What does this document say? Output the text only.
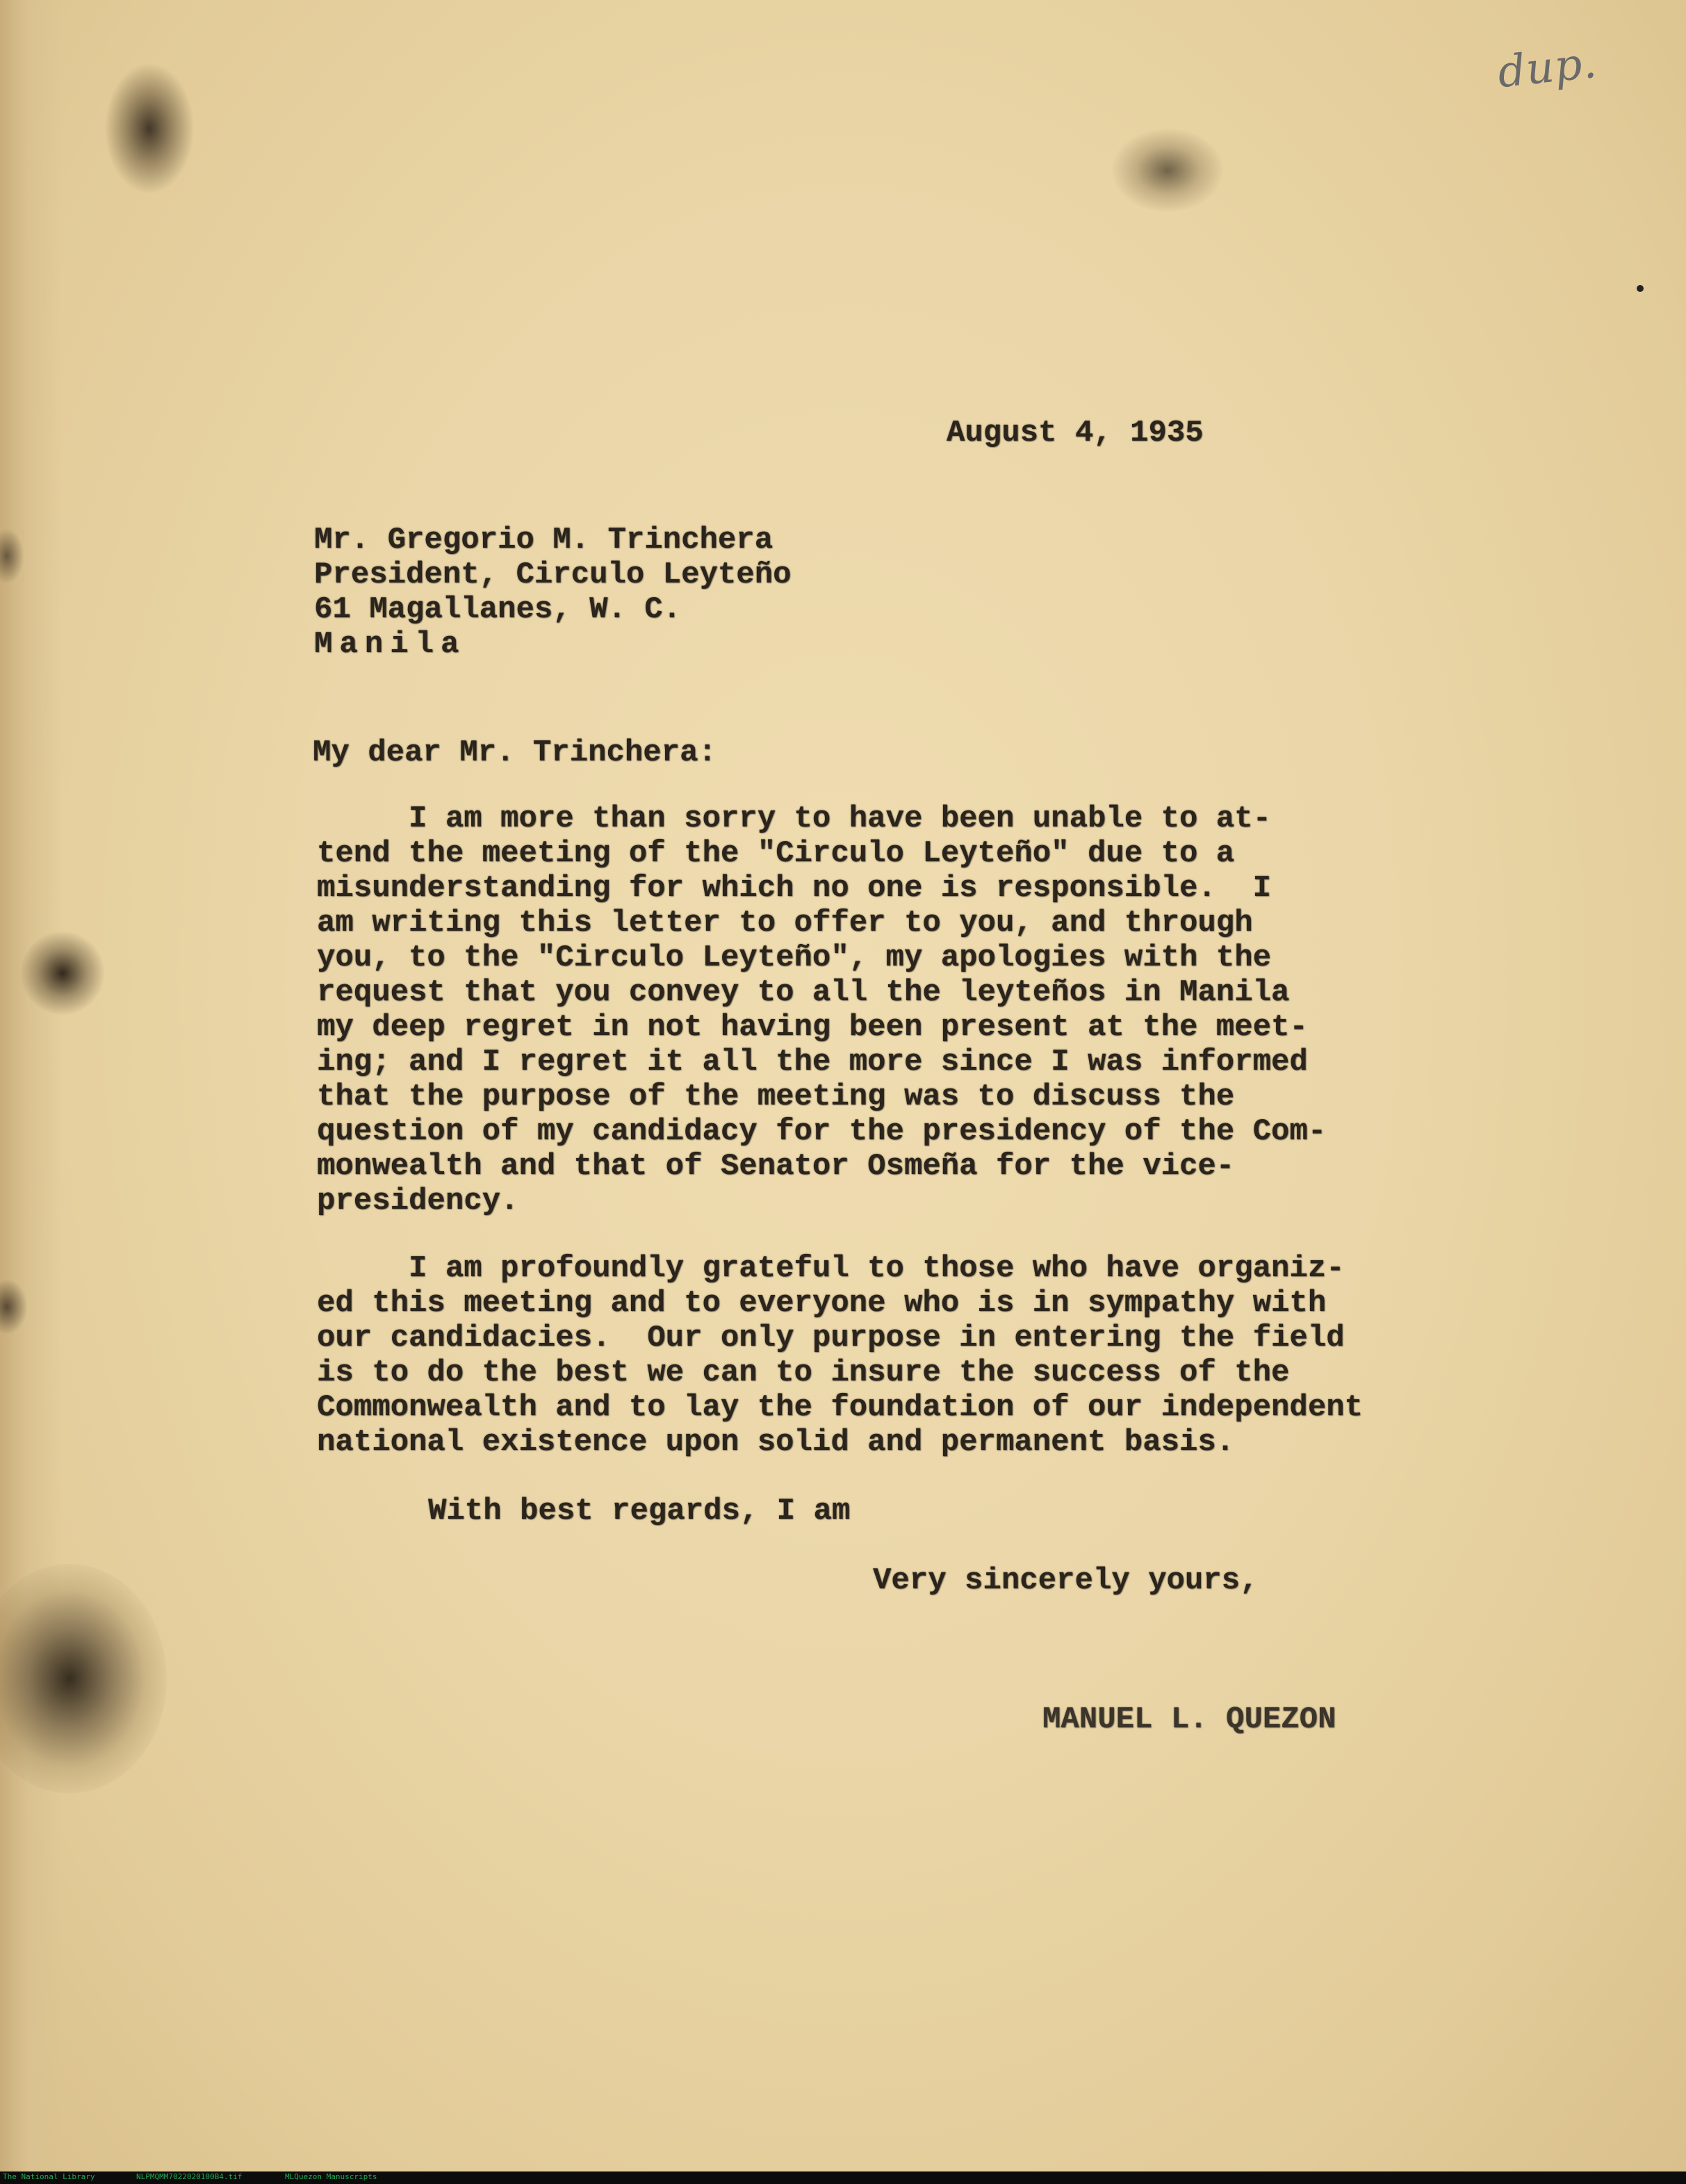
dup.

August 4, 1935

Mr. Gregorio M. Trinchera

President, Circulo Leyteño

61 Magallanes, W. C.

Manila

My dear Mr. Trinchera:

I am more than sorry to have been unable to at-

tend the meeting of the "Circulo Leyteño" due to a

misunderstanding for which no one is responsible.  I

am writing this letter to offer to you, and through

you, to the "Circulo Leyteño", my apologies with the

request that you convey to all the leyteños in Manila

my deep regret in not having been present at the meet-

ing; and I regret it all the more since I was informed

that the purpose of the meeting was to discuss the

question of my candidacy for the presidency of the Com-

monwealth and that of Senator Osmeña for the vice-

presidency.

I am profoundly grateful to those who have organiz-

ed this meeting and to everyone who is in sympathy with

our candidacies.  Our only purpose in entering the field

is to do the best we can to insure the success of the

Commonwealth and to lay the foundation of our independent

national existence upon solid and permanent basis.

With best regards, I am

Very sincerely yours,

MANUEL L. QUEZON

The National Library	NLPMQMM7022020100B4.tif	MLQuezon Manuscripts
